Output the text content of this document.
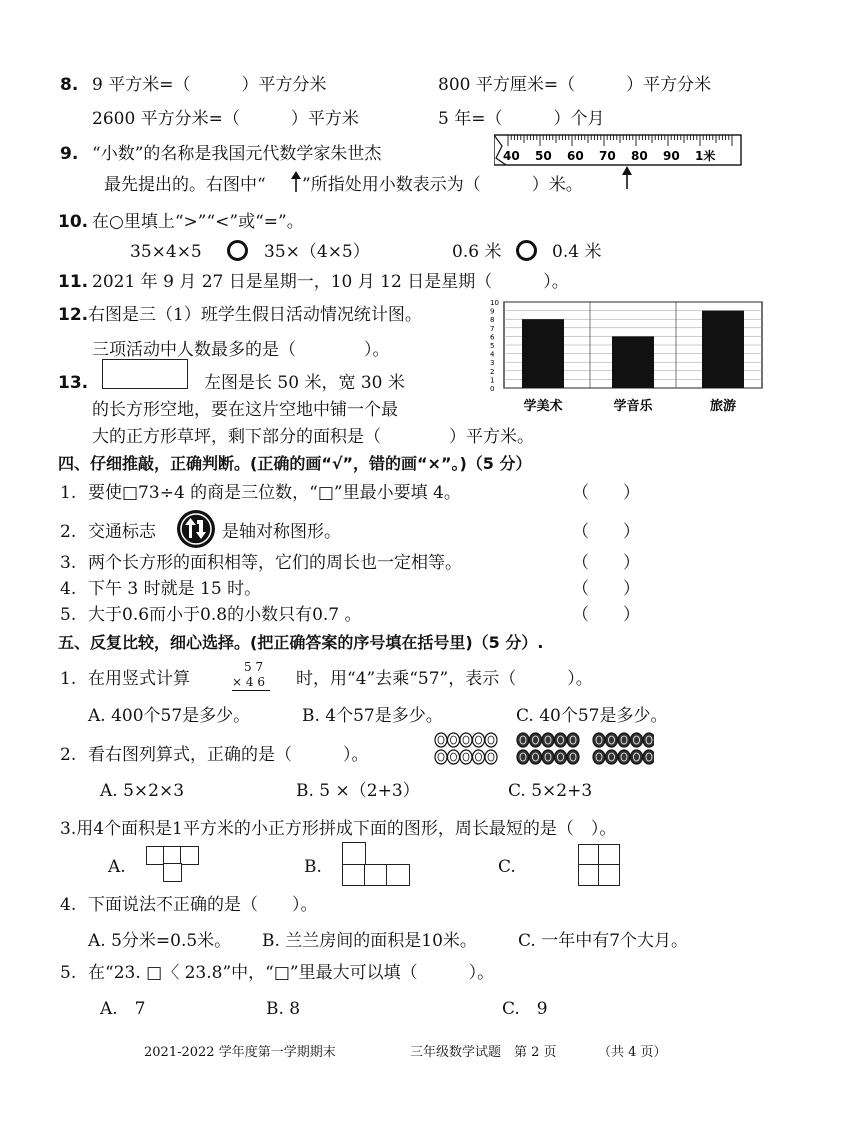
8. 9 平方米=（　　　）平方分米	800 平方厘米=（　　　）平方分米
2600 平方分米=（　　　）平方米	5 年=（　　　）个月
9. “小数”的名称是我国元代数学家朱世杰
最先提出的。右图中“ ”所指处用小数表示为（　　　）米。
40 50 60 70 80 90 1米
10. 在○里填上“>”“<”或“=”。
35×4×5	35×（4×5）	0.6 米	0.4 米
11. 2021 年 9 月 27 日是星期一，10 月 12 日是星期（　　　）。
12. 右图是三（1）班学生假日活动情况统计图。
三项活动中人数最多的是（　　　　）。
0
1
2
3
4
5
6
7
8
9
10
学美术	学音乐	旅游
13.	左图是长 50 米，宽 30 米
的长方形空地，要在这片空地中铺一个最
大的正方形草坪，剩下部分的面积是（　　　　）平方米。
四、仔细推敲，正确判断。(正确的画“√”，错的画“×”。)（5 分）
1. 要使□73÷4 的商是三位数，“□”里最小要填 4。	（　　）
2. 交通标志	是轴对称图形。	（　　）
3. 两个长方形的面积相等，它们的周长也一定相等。	（　　）
4. 下午 3 时就是 15 时。	（　　）
5. 大于0.6而小于0.8的小数只有0.7 。	（　　）
五、反复比较，细心选择。(把正确答案的序号填在括号里)（5 分）.
1. 在用竖式计算
5 7
× 4 6 时，用“4”去乘“57”，表示（　　　）。
A. 400个57是多少。	B. 4个57是多少。	C. 40个57是多少。
2. 看右图列算式，正确的是（　　　）。
A. 5×2×3	B. 5 ×（2+3）	C. 5×2+3
3.用4个面积是1平方米的小正方形拼成下面的图形，周长最短的是（　）。
A.	B.	C.
4. 下面说法不正确的是（　　）。
A. 5分米=0.5米。 B. 兰兰房间的面积是10米。 C. 一年中有7个大月。
5. 在“23. □〈 23.8”中，“□”里最大可以填（　　　）。
A.　7	B. 8	C.　9
2021-2022 学年度第一学期期末	三年级数学试题　第 2 页	（共 4 页）
